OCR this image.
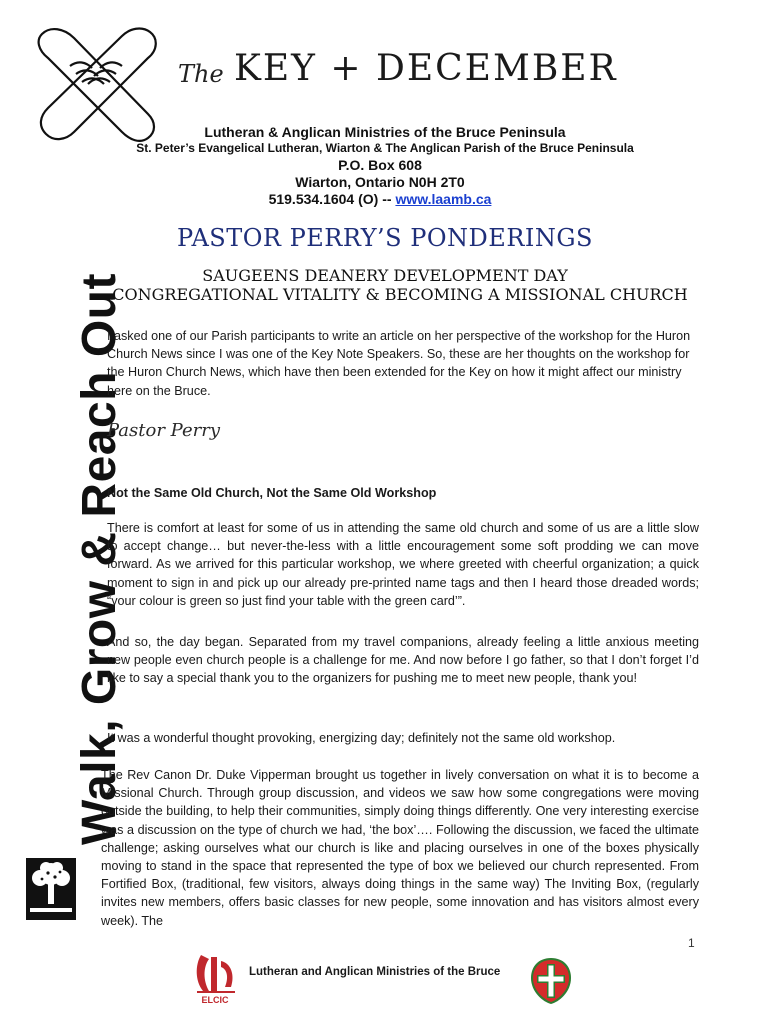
The KEY + DECEMBER
Lutheran & Anglican Ministries of the Bruce Peninsula
St. Peter’s Evangelical Lutheran, Wiarton & The Anglican Parish of the Bruce Peninsula
P.O. Box 608
Wiarton, Ontario N0H 2T0
519.534.1604 (O) -- www.laamb.ca
PASTOR PERRY’S PONDERINGS
SAUGEENS DEANERY DEVELOPMENT DAY
CONGREGATIONAL VITALITY & BECOMING A MISSIONAL CHURCH
Walk, Grow & Reach Out
I asked one of our Parish participants to write an article on her perspective of the workshop for the Huron Church News since I was one of the Key Note Speakers. So, these are her thoughts on the workshop for the Huron Church News, which have then been extended for the Key on how it might affect our ministry here on the Bruce.
Pastor Perry
Not the Same Old Church, Not the Same Old Workshop
There is comfort at least for some of us in attending the same old church and some of us are a little slow to accept change… but never-the-less with a little encouragement some soft prodding we can move forward. As we arrived for this particular workshop, we where greeted with cheerful organization; a quick moment to sign in and pick up our already pre-printed name tags and then I heard those dreaded words; “your colour is green so just find your table with the green card’”.
And so, the day began. Separated from my travel companions, already feeling a little anxious meeting new people even church people is a challenge for me. And now before I go father, so that I don’t forget I’d like to say a special thank you to the organizers for pushing me to meet new people, thank you!
It was a wonderful thought provoking, energizing day; definitely not the same old workshop.
The Rev Canon Dr. Duke Vipperman brought us together in lively conversation on what it is to become a Missional Church. Through group discussion, and videos we saw how some congregations were moving outside the building, to help their communities, simply doing things differently. One very interesting exercise was a discussion on the type of church we had, ‘the box’…. Following the discussion, we faced the ultimate challenge; asking ourselves what our church is like and placing ourselves in one of the boxes physically moving to stand in the space that represented the type of box we believed our church represented. From Fortified Box, (traditional, few visitors, always doing things in the same way) The Inviting Box, (regularly invites new members, offers basic classes for new people, some innovation and has visitors almost every week). The
1
ELCIC
Lutheran and Anglican Ministries of the Bruce
